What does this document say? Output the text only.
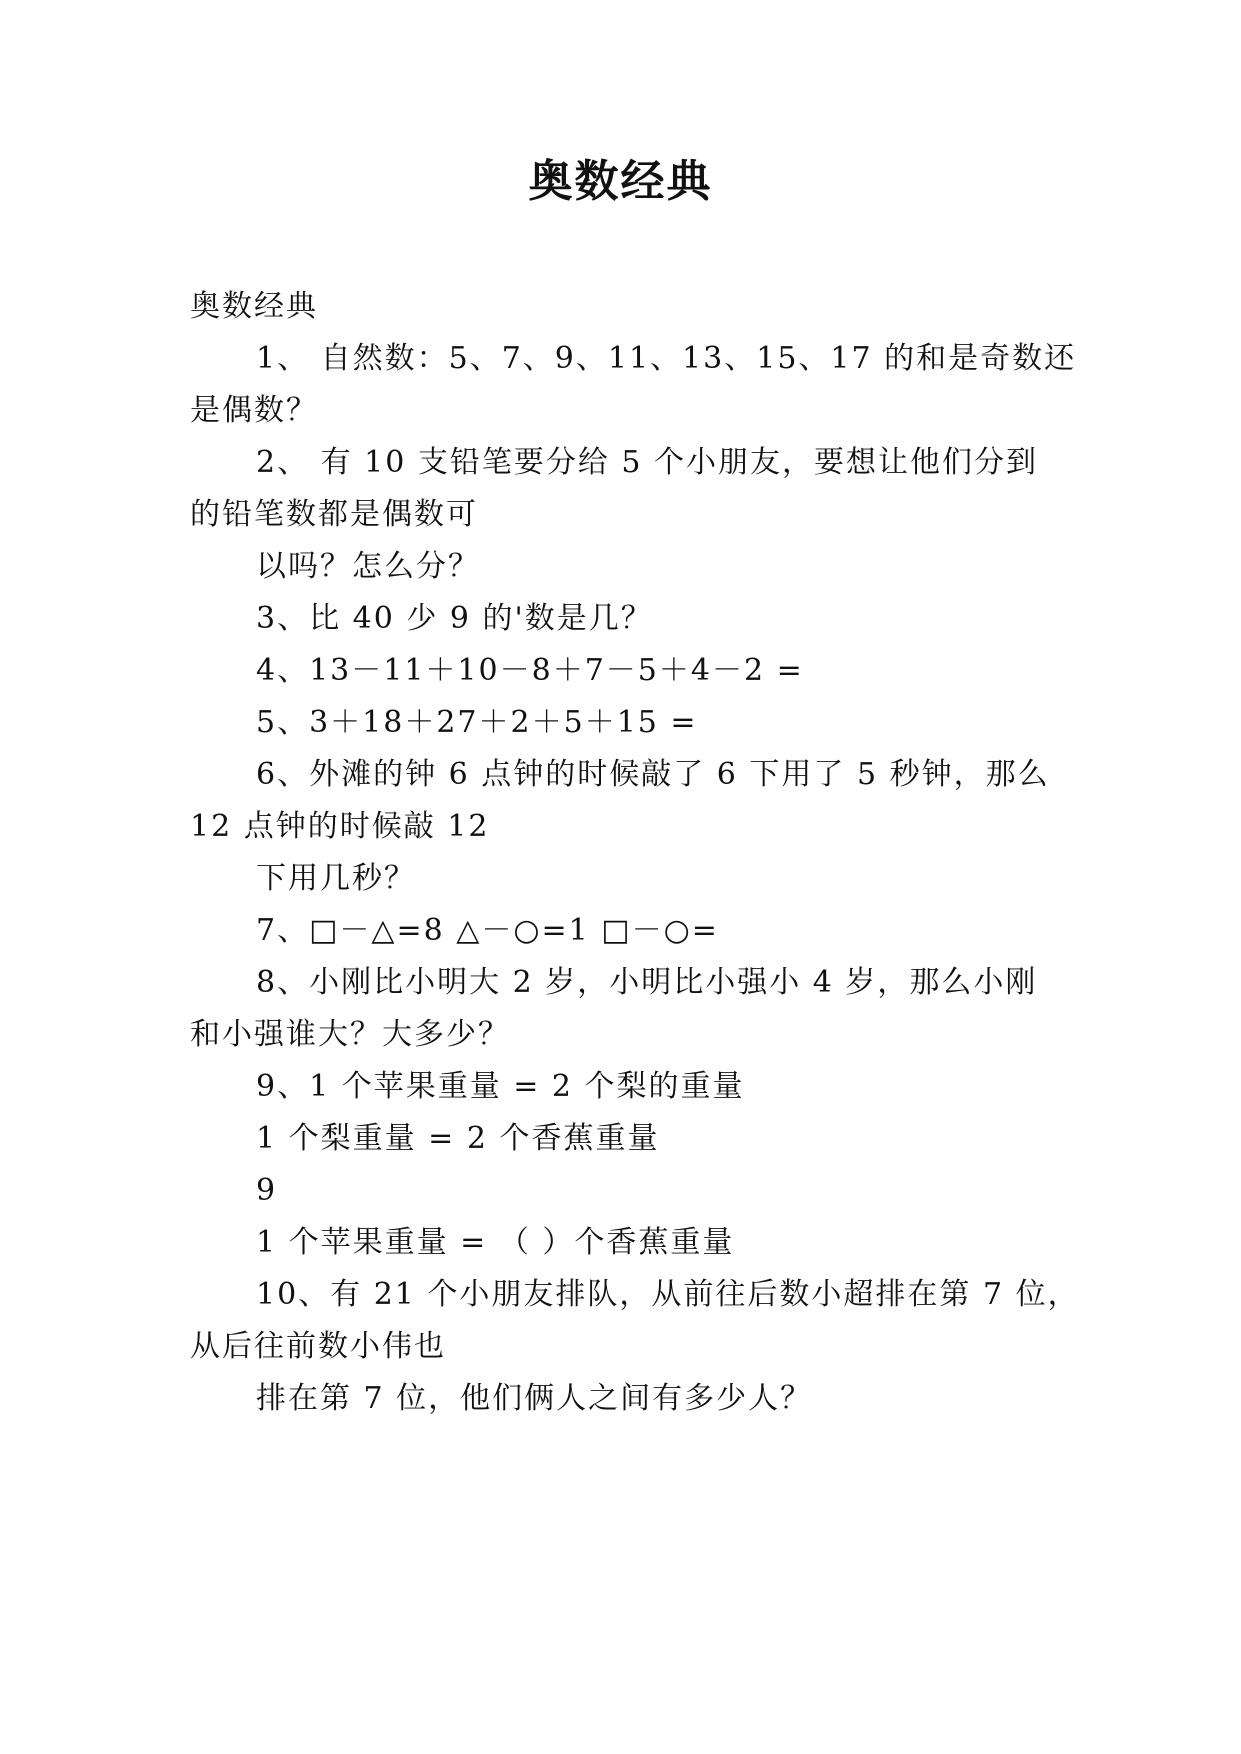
奥数经典
奥数经典
1、 自然数：5、7、9、11、13、15、17 的和是奇数还
是偶数？
2、 有 10 支铅笔要分给 5 个小朋友，要想让他们分到
的铅笔数都是偶数可
以吗？怎么分？
3、比 40 少 9 的'数是几？
4、13－11＋10－8＋7－5＋4－2 =
5、3＋18＋27＋2＋5＋15 =
6、外滩的钟 6 点钟的时候敲了 6 下用了 5 秒钟，那么
12 点钟的时候敲 12
下用几秒？
7、□－△=8 △－○=1 □－○=
8、小刚比小明大 2 岁，小明比小强小 4 岁，那么小刚
和小强谁大？大多少？
9、1 个苹果重量 = 2 个梨的重量
1 个梨重量 = 2 个香蕉重量
9
1 个苹果重量 = （ ）个香蕉重量
10、有 21 个小朋友排队，从前往后数小超排在第 7 位，
从后往前数小伟也
排在第 7 位，他们俩人之间有多少人？
